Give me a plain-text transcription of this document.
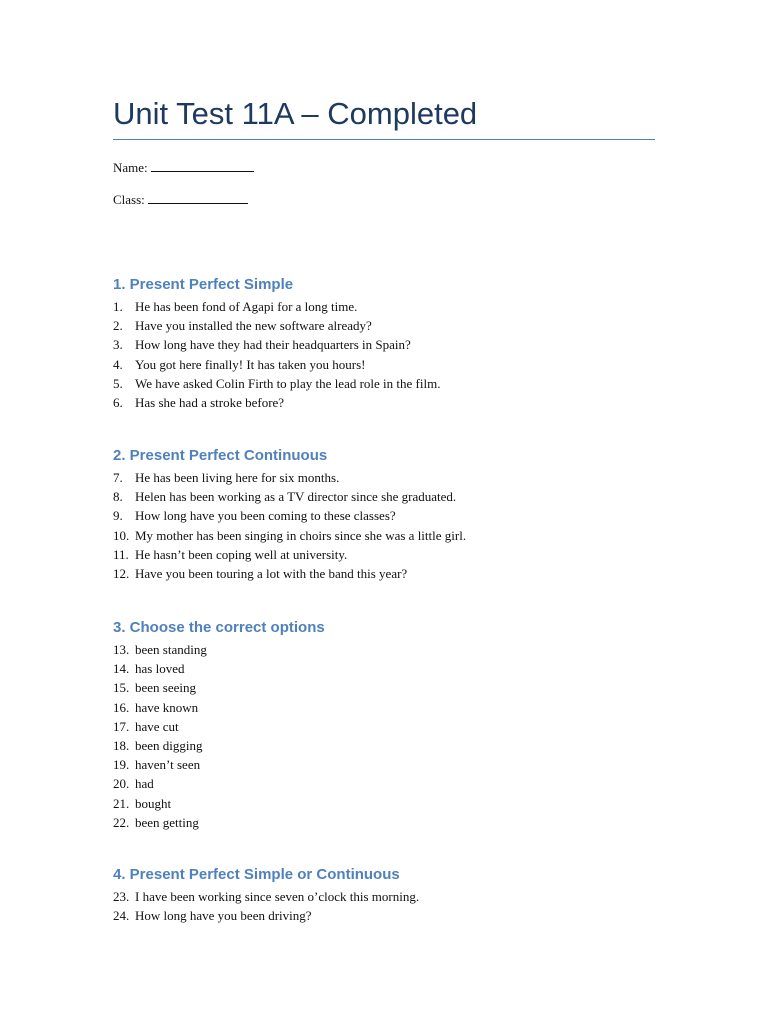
Unit Test 11A – Completed
Name:
Class:
1. Present Perfect Simple
1. He has been fond of Agapi for a long time.
2. Have you installed the new software already?
3. How long have they had their headquarters in Spain?
4. You got here finally! It has taken you hours!
5. We have asked Colin Firth to play the lead role in the film.
6. Has she had a stroke before?
2. Present Perfect Continuous
7. He has been living here for six months.
8. Helen has been working as a TV director since she graduated.
9. How long have you been coming to these classes?
10. My mother has been singing in choirs since she was a little girl.
11. He hasn’t been coping well at university.
12. Have you been touring a lot with the band this year?
3. Choose the correct options
13. been standing
14. has loved
15. been seeing
16. have known
17. have cut
18. been digging
19. haven’t seen
20. had
21. bought
22. been getting
4. Present Perfect Simple or Continuous
23. I have been working since seven o’clock this morning.
24. How long have you been driving?
